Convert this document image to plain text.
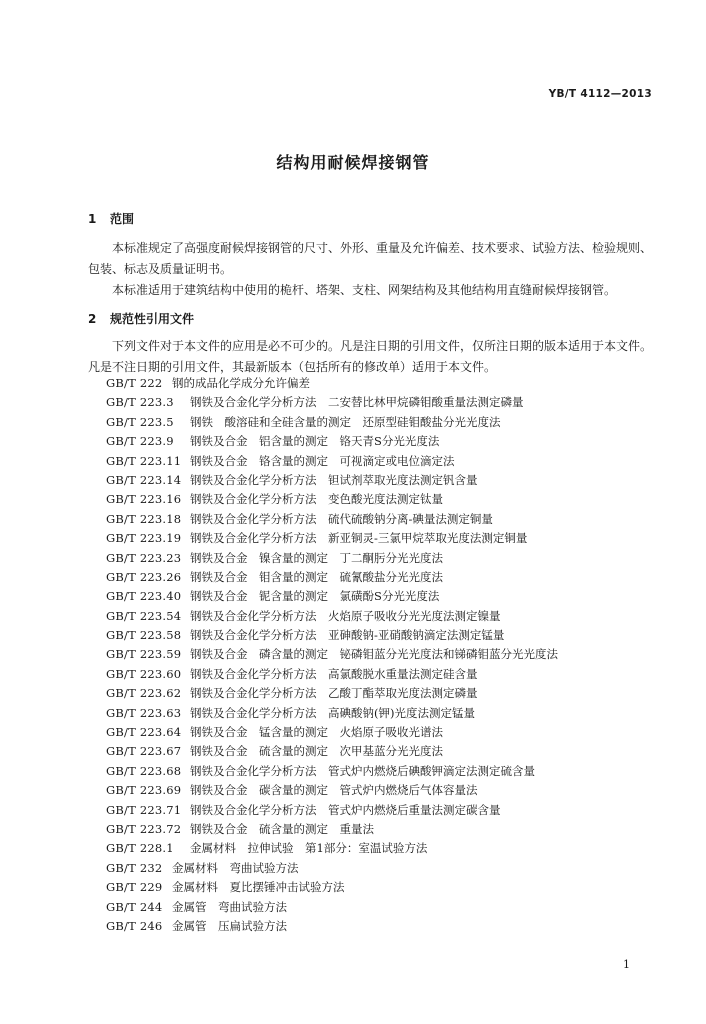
YB/T 4112—2013
结构用耐候焊接钢管
1 范围
本标准规定了高强度耐候焊接钢管的尺寸、外形、重量及允许偏差、技术要求、试验方法、检验规则、包装、标志及质量证明书。
本标准适用于建筑结构中使用的桅杆、塔架、支柱、网架结构及其他结构用直缝耐候焊接钢管。
2 规范性引用文件
下列文件对于本文件的应用是必不可少的。凡是注日期的引用文件，仅所注日期的版本适用于本文件。凡是不注日期的引用文件，其最新版本（包括所有的修改单）适用于本文件。
GB/T 222 钢的成品化学成分允许偏差
GB/T 223.3 钢铁及合金化学分析方法　二安替比林甲烷磷钼酸重量法测定磷量
GB/T 223.5 钢铁　酸溶硅和全硅含量的测定　还原型硅钼酸盐分光光度法
GB/T 223.9 钢铁及合金　铝含量的测定　铬天青S分光光度法
GB/T 223.11 钢铁及合金　铬含量的测定　可视滴定或电位滴定法
GB/T 223.14 钢铁及合金化学分析方法　钽试剂萃取光度法测定钒含量
GB/T 223.16 钢铁及合金化学分析方法　变色酸光度法测定钛量
GB/T 223.18 钢铁及合金化学分析方法　硫代硫酸钠分离-碘量法测定铜量
GB/T 223.19 钢铁及合金化学分析方法　新亚铜灵-三氯甲烷萃取光度法测定铜量
GB/T 223.23 钢铁及合金　镍含量的测定　丁二酮肟分光光度法
GB/T 223.26 钢铁及合金　钼含量的测定　硫氰酸盐分光光度法
GB/T 223.40 钢铁及合金　铌含量的测定　氯磺酚S分光光度法
GB/T 223.54 钢铁及合金化学分析方法　火焰原子吸收分光光度法测定镍量
GB/T 223.58 钢铁及合金化学分析方法　亚砷酸钠-亚硝酸钠滴定法测定锰量
GB/T 223.59 钢铁及合金　磷含量的测定　铋磷钼蓝分光光度法和锑磷钼蓝分光光度法
GB/T 223.60 钢铁及合金化学分析方法　高氯酸脱水重量法测定硅含量
GB/T 223.62 钢铁及合金化学分析方法　乙酸丁酯萃取光度法测定磷量
GB/T 223.63 钢铁及合金化学分析方法　高碘酸钠(钾)光度法测定锰量
GB/T 223.64 钢铁及合金　锰含量的测定　火焰原子吸收光谱法
GB/T 223.67 钢铁及合金　硫含量的测定　次甲基蓝分光光度法
GB/T 223.68 钢铁及合金化学分析方法　管式炉内燃烧后碘酸钾滴定法测定硫含量
GB/T 223.69 钢铁及合金　碳含量的测定　管式炉内燃烧后气体容量法
GB/T 223.71 钢铁及合金化学分析方法　管式炉内燃烧后重量法测定碳含量
GB/T 223.72 钢铁及合金　硫含量的测定　重量法
GB/T 228.1 金属材料　拉伸试验　第1部分：室温试验方法
GB/T 232 金属材料　弯曲试验方法
GB/T 229 金属材料　夏比摆锤冲击试验方法
GB/T 244 金属管　弯曲试验方法
GB/T 246 金属管　压扁试验方法
1
